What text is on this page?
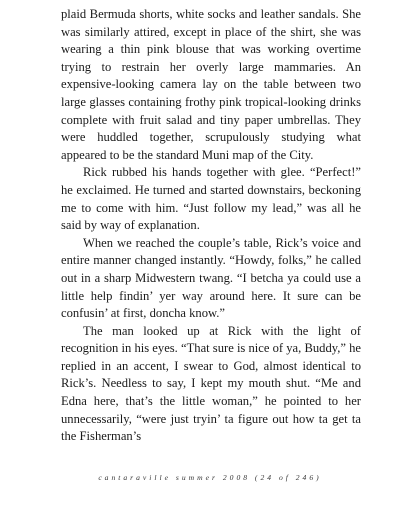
plaid Bermuda shorts, white socks and leather sandals. She was similarly attired, except in place of the shirt, she was wearing a thin pink blouse that was working overtime trying to restrain her overly large mammaries. An expensive-looking camera lay on the table between two large glasses containing frothy pink tropical-looking drinks complete with fruit salad and tiny paper umbrellas. They were huddled together, scrupulously studying what appeared to be the standard Muni map of the City.

Rick rubbed his hands together with glee. “Perfect!” he exclaimed. He turned and started downstairs, beckoning me to come with him. “Just follow my lead,” was all he said by way of explanation.

When we reached the couple’s table, Rick’s voice and entire manner changed instantly. “Howdy, folks,” he called out in a sharp Midwestern twang. “I betcha ya could use a little help findin’ yer way around here. It sure can be confusin’ at first, doncha know.”

The man looked up at Rick with the light of recognition in his eyes. “That sure is nice of ya, Buddy,” he replied in an accent, I swear to God, almost identical to Rick’s. Needless to say, I kept my mouth shut. “Me and Edna here, that’s the little woman,” he pointed to her unnecessarily, “were just tryin’ ta figure out how ta get ta the Fisherman’s

cantaraville summer 2008 (24 of 246)
